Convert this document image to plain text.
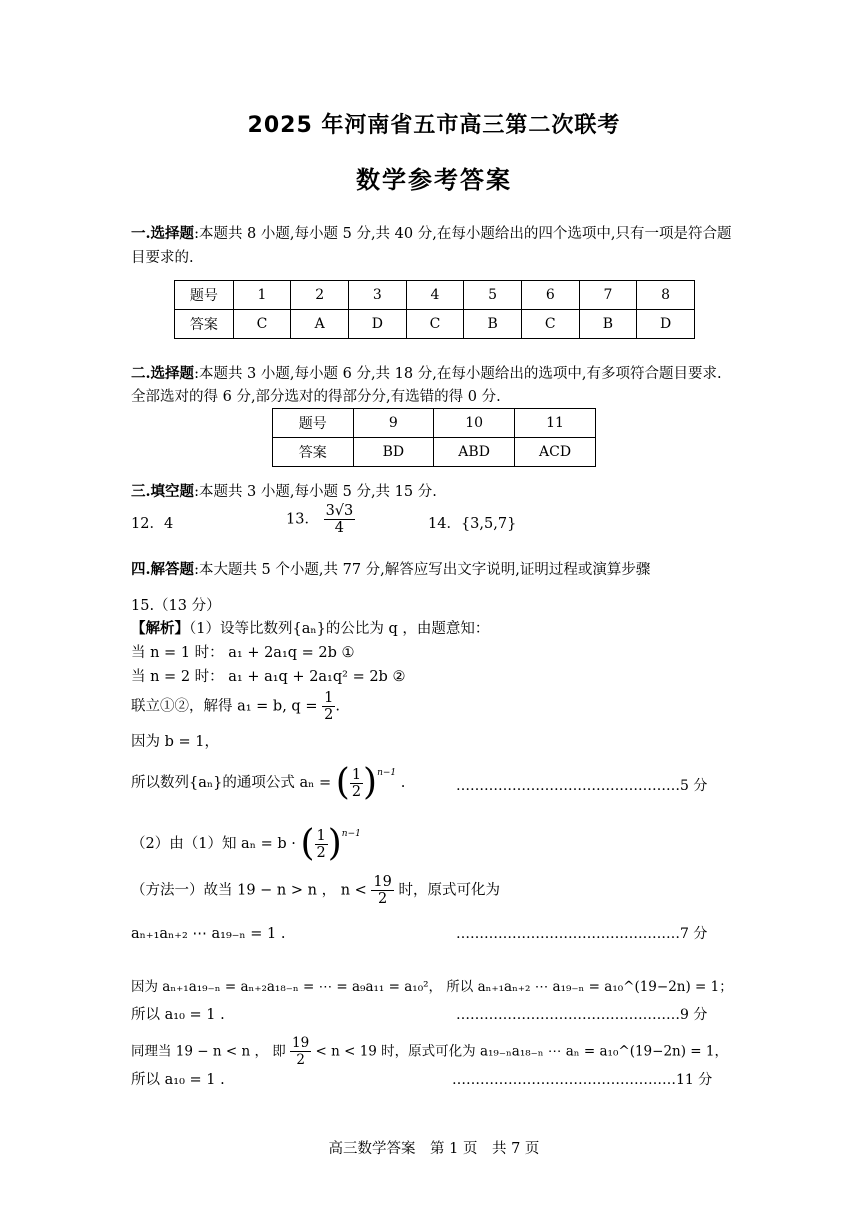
2025 年河南省五市高三第二次联考
数学参考答案
一.选择题:本题共 8 小题,每小题 5 分,共 40 分,在每小题给出的四个选项中,只有一项是符合题
目要求的.
题号	1	2	3	4	5	6	7	8
答案	C	A	D	C	B	C	B	D
二.选择题:本题共 3 小题,每小题 6 分,共 18 分,在每小题给出的选项中,有多项符合题目要求.
全部选对的得 6 分,部分选对的得部分分,有选错的得 0 分.
题号	9	10	11
答案	BD	ABD	ACD
三.填空题:本题共 3 小题,每小题 5 分,共 15 分.
12．4	13． $\frac{3√3}{4}$	14．{3,5,7}
四.解答题:本大题共 5 个小题,共 77 分,解答应写出文字说明,证明过程或演算步骤
15.（13 分）
【解析】（1）设等比数列{aₙ}的公比为 q ，由题意知：
当 n = 1 时： a₁ + 2a₁q = 2b ①
当 n = 2 时： a₁ + a₁q + 2a₁q² = 2b ②
联立①②，解得 a₁ = b, $q = \frac{1}{2}$ .
因为 b = 1，
所以数列{aₙ}的通项公式 aₙ = ( $\frac{1}{2} )^{n-1}$ .	…………………………………………5 分
（2）由（1）知 aₙ = b · ( $\frac{1}{2} )^{n-1}$
（方法一）故当 19 − n > n ， $n < \frac{19}{2}$ 时，原式可化为
aₙ₊₁aₙ₊₂ ⋯ a₁₉₋ₙ = 1 .	…………………………………………7 分
因为 aₙ₊₁a₁₉₋ₙ = aₙ₊₂a₁₈₋ₙ = ⋯ = a₉a₁₁ = a₁₀²， 所以 aₙ₊₁aₙ₊₂ ⋯ a₁₉₋ₙ = a₁₀^(19−2n) = 1；
所以 a₁₀ = 1 .	…………………………………………9 分
同理当 19 − n < n ， 即 $\frac{19}{2} < n < 19$ 时，原式可化为 a₁₉₋ₙa₁₈₋ₙ ⋯ aₙ = a₁₀^(19−2n) = 1，
所以 a₁₀ = 1 .	…………………………………………11 分
高三数学答案　第 1 页　共 7 页
